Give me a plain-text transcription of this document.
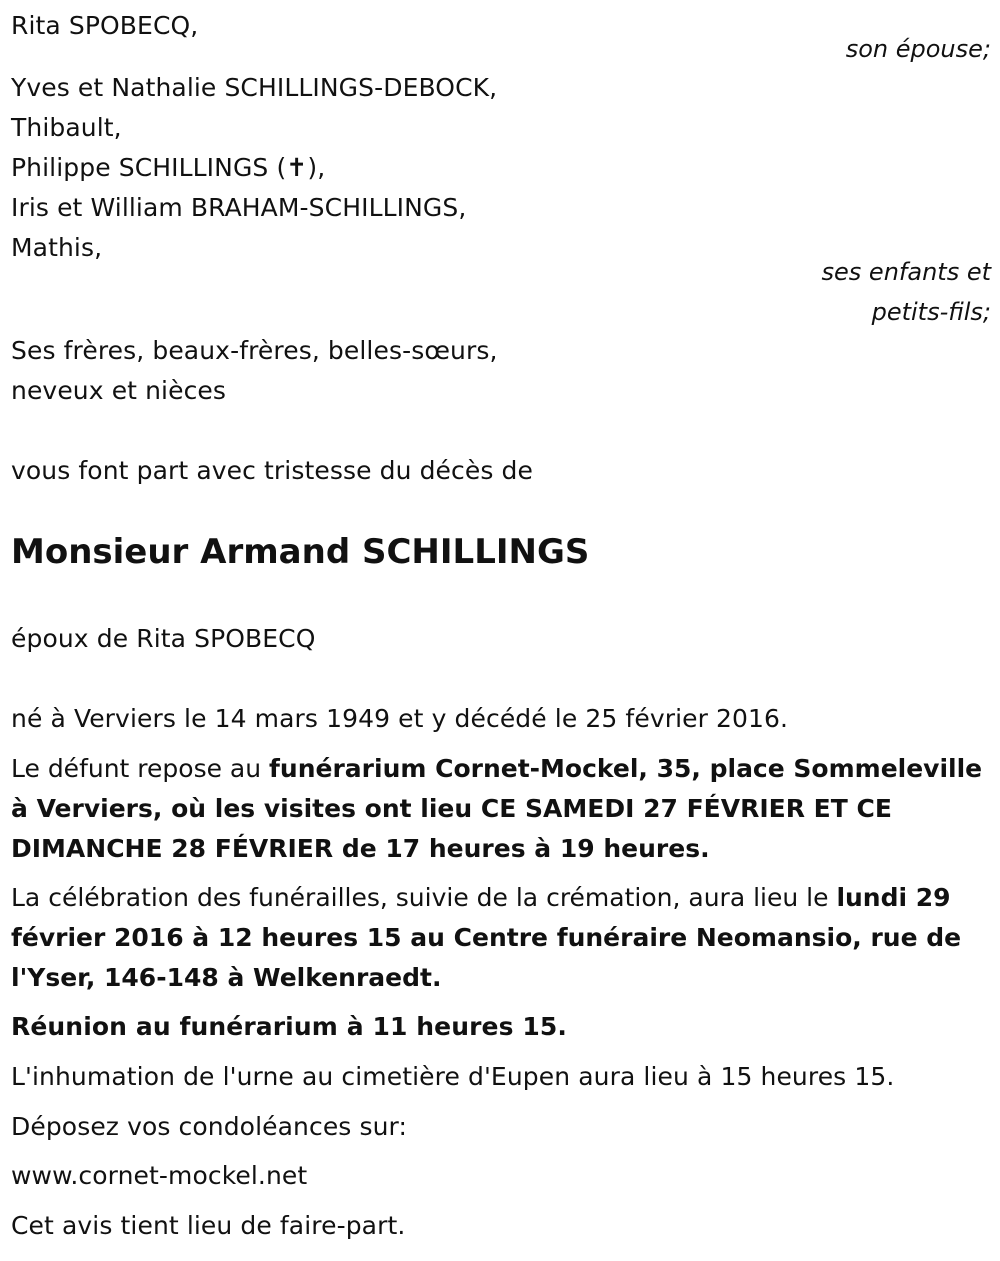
Rita SPOBECQ,
son épouse;
Yves et Nathalie SCHILLINGS-DEBOCK,
Thibault,
Philippe SCHILLINGS (✝),
Iris et William BRAHAM-SCHILLINGS,
Mathis,
ses enfants et
petits-fils;
Ses frères, beaux-frères, belles-sœurs,
neveux et nièces
vous font part avec tristesse du décès de
Monsieur Armand SCHILLINGS
époux de Rita SPOBECQ
né à Verviers le 14 mars 1949 et y décédé le 25 février 2016.
Le défunt repose au funérarium Cornet-Mockel, 35, place Sommeleville à Verviers, où les visites ont lieu CE SAMEDI 27 FÉVRIER ET CE DIMANCHE 28 FÉVRIER de 17 heures à 19 heures.
La célébration des funérailles, suivie de la crémation, aura lieu le lundi 29 février 2016 à 12 heures 15 au Centre funéraire Neomansio, rue de l'Yser, 146-148 à Welkenraedt.
Réunion au funérarium à 11 heures 15.
L'inhumation de l'urne au cimetière d'Eupen aura lieu à 15 heures 15.
Déposez vos condoléances sur:
www.cornet-mockel.net
Cet avis tient lieu de faire-part.
